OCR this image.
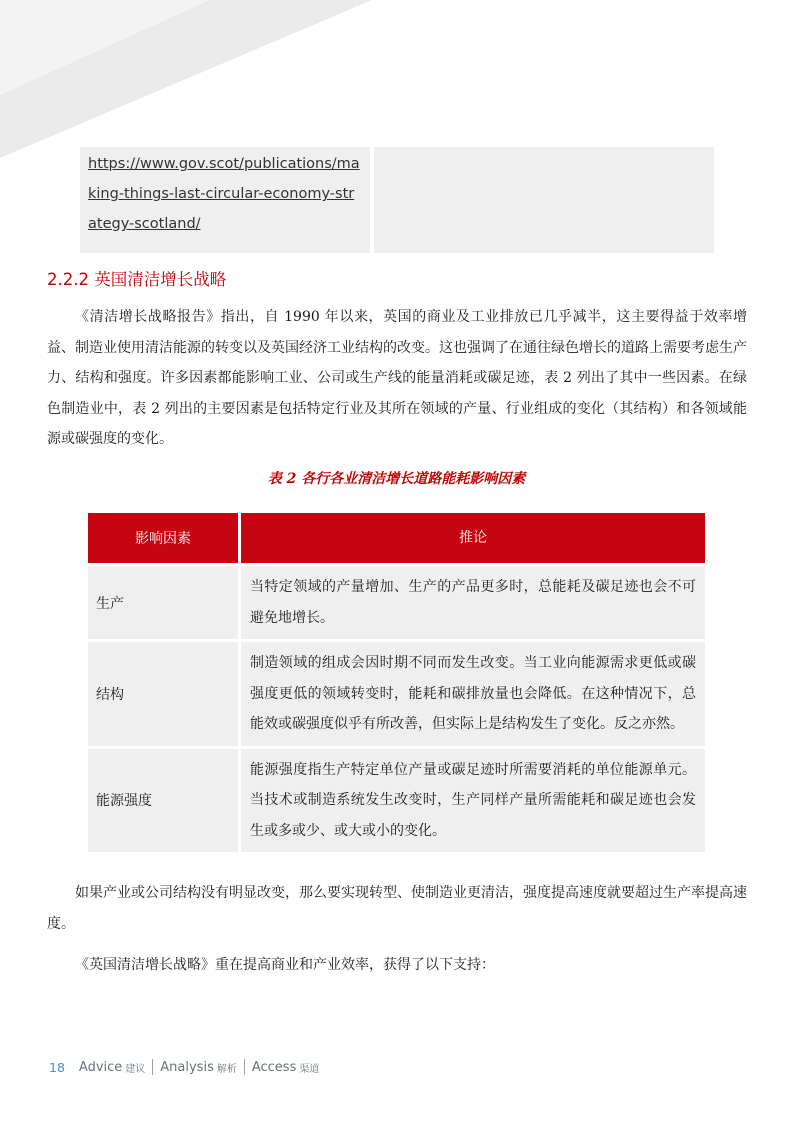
https://www.gov.scot/publications/making-things-last-circular-economy-strategy-scotland/
2.2.2 英国清洁增长战略

《清洁增长战略报告》指出，自 1990 年以来，英国的商业及工业排放已几乎减半，这主要得益于效率增益、制造业使用清洁能源的转变以及英国经济工业结构的改变。这也强调了在通往绿色增长的道路上需要考虑生产力、结构和强度。许多因素都能影响工业、公司或生产线的能量消耗或碳足迹，表 2 列出了其中一些因素。在绿色制造业中，表 2 列出的主要因素是包括特定行业及其所在领域的产量、行业组成的变化（其结构）和各领域能源或碳强度的变化。

表 2 各行各业清洁增长道路能耗影响因素

影响因素	推论
生产
当特定领域的产量增加、生产的产品更多时，总能耗及碳足迹也会不可避免地增长。
结构
制造领域的组成会因时期不同而发生改变。当工业向能源需求更低或碳强度更低的领域转变时，能耗和碳排放量也会降低。在这种情况下，总能效或碳强度似乎有所改善，但实际上是结构发生了变化。反之亦然。
能源强度
能源强度指生产特定单位产量或碳足迹时所需要消耗的单位能源单元。当技术或制造系统发生改变时，生产同样产量所需能耗和碳足迹也会发生或多或少、或大或小的变化。

如果产业或公司结构没有明显改变，那么要实现转型、使制造业更清洁，强度提高速度就要超过生产率提高速度。

《英国清洁增长战略》重在提高商业和产业效率，获得了以下支持：

18 Advice 建议 Analysis 解析 Access 渠道
